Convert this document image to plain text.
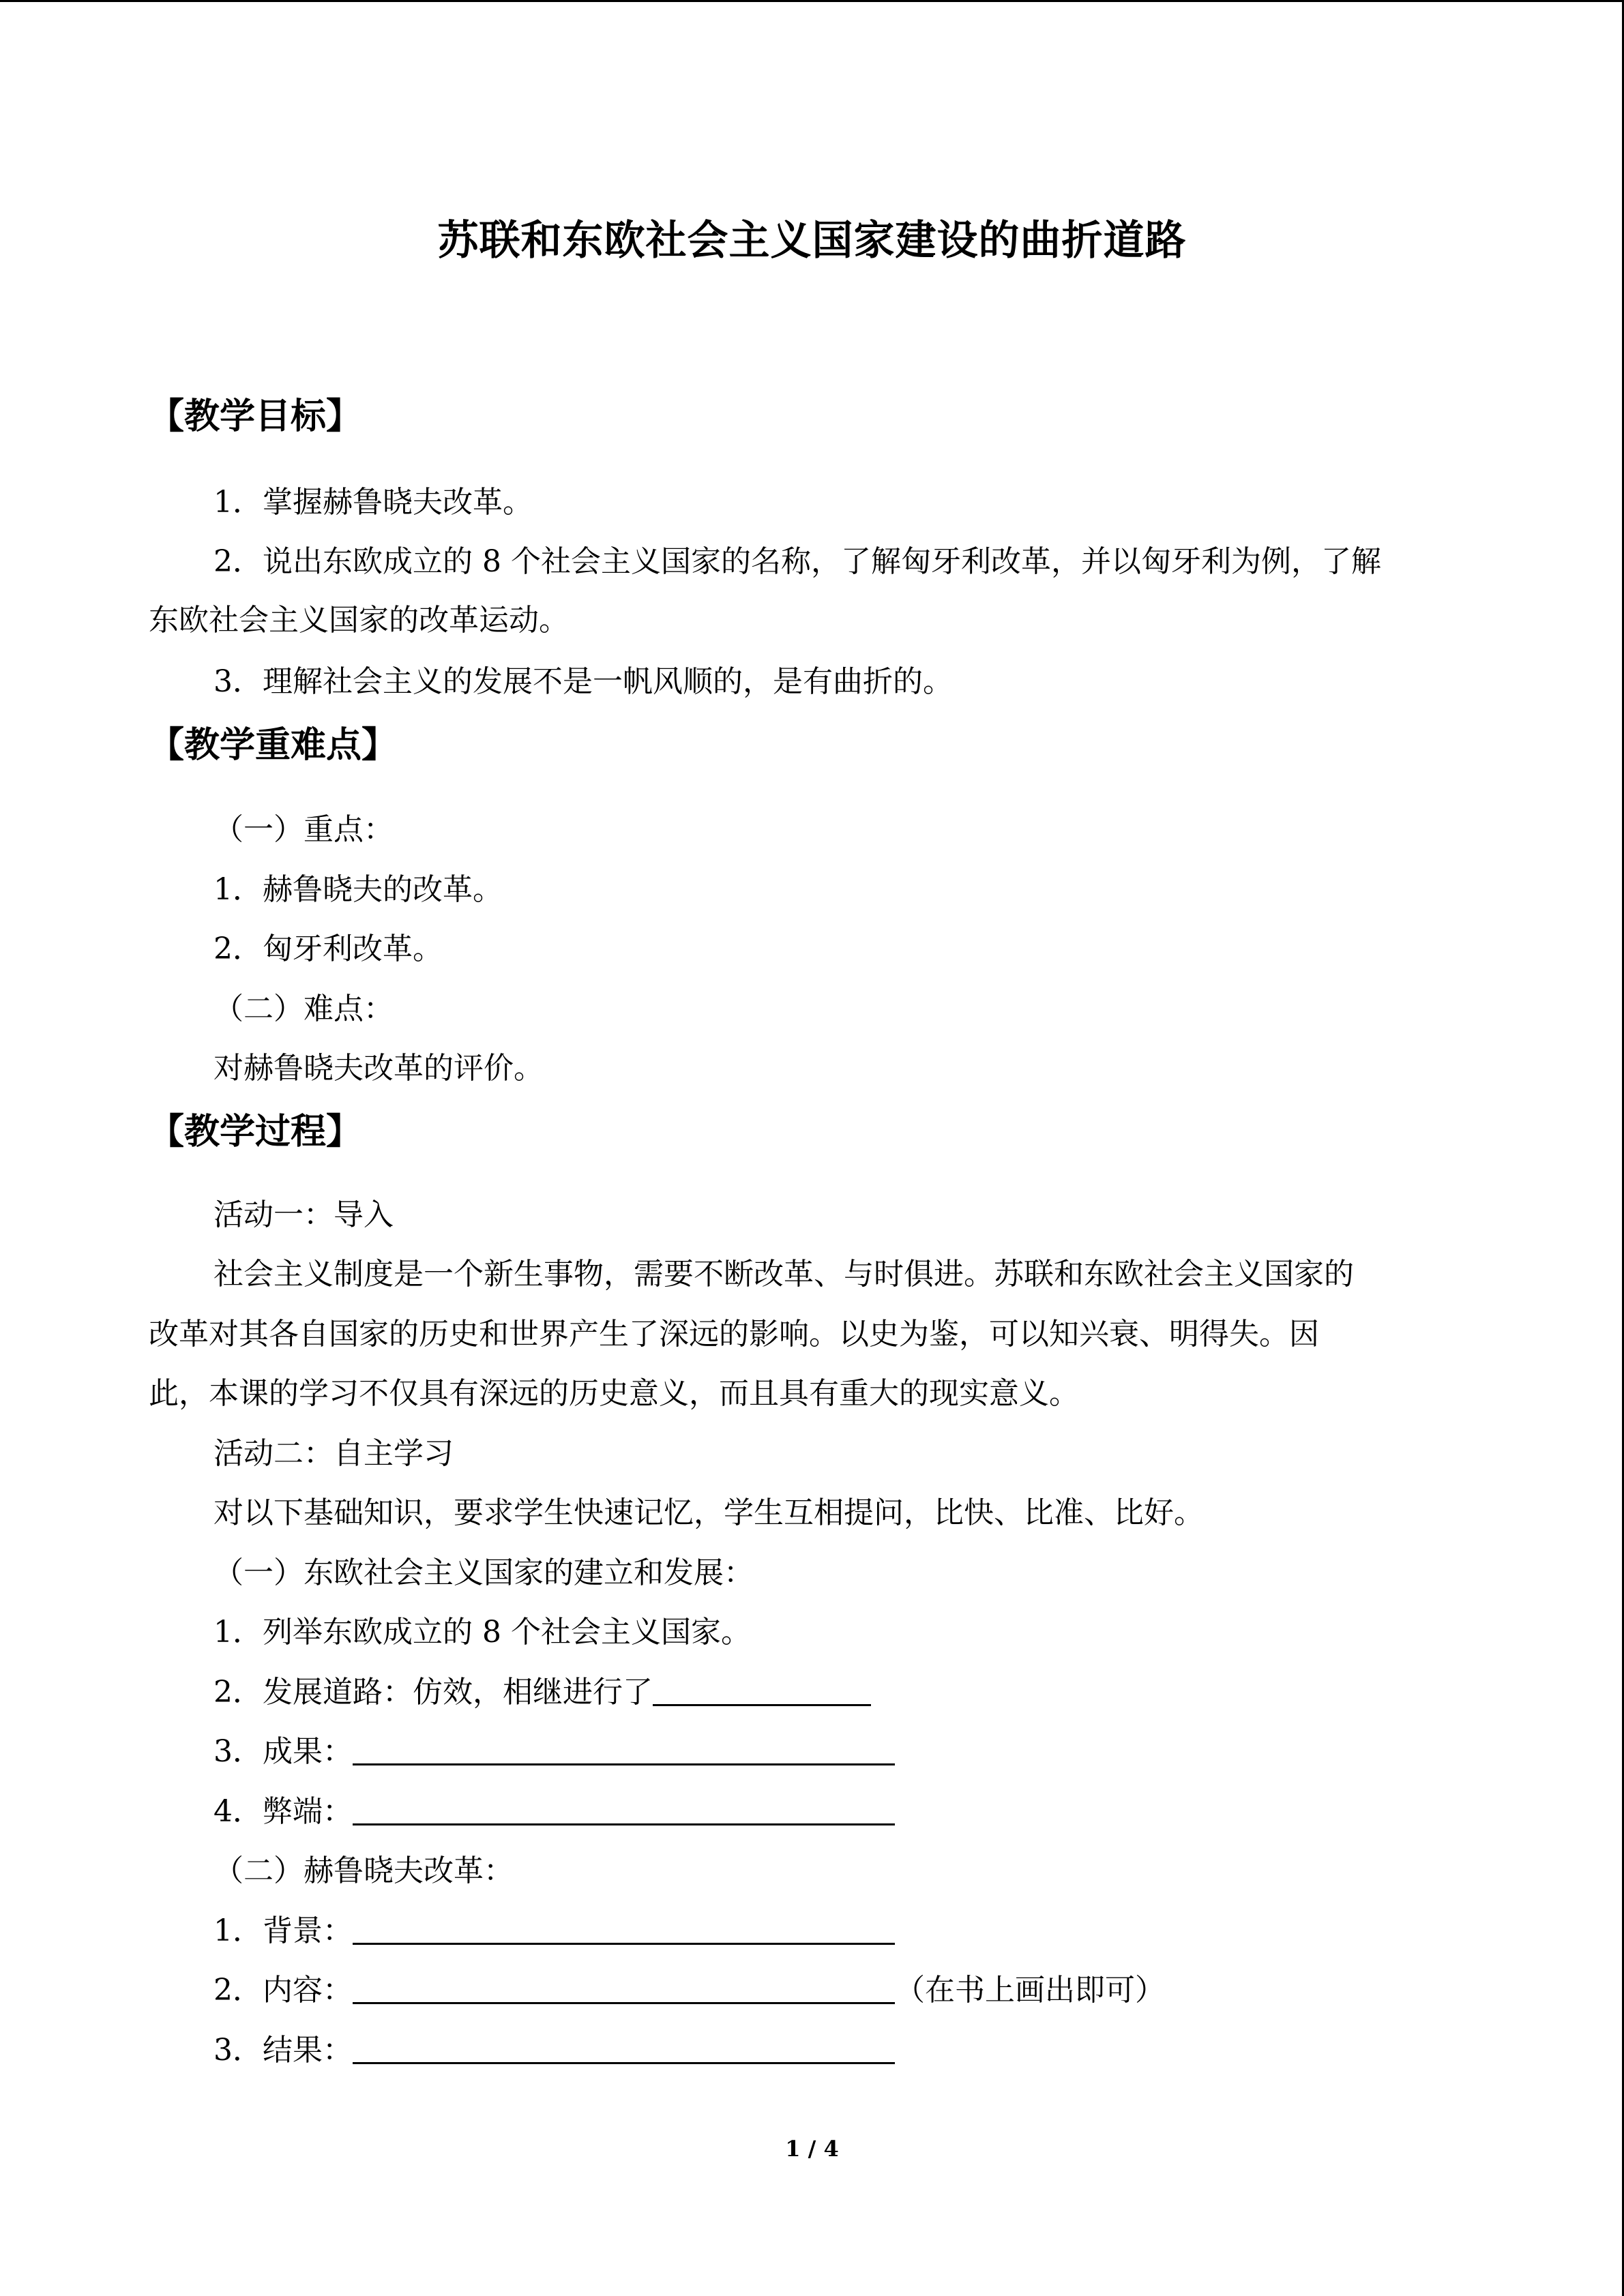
苏联和东欧社会主义国家建设的曲折道路
【教学目标】
1．掌握赫鲁晓夫改革。
2．说出东欧成立的 8 个社会主义国家的名称，了解匈牙利改革，并以匈牙利为例，了解
东欧社会主义国家的改革运动。
3．理解社会主义的发展不是一帆风顺的，是有曲折的。
【教学重难点】
（一）重点：
1．赫鲁晓夫的改革。
2．匈牙利改革。
（二）难点：
对赫鲁晓夫改革的评价。
【教学过程】
活动一：导入
社会主义制度是一个新生事物，需要不断改革、与时俱进。苏联和东欧社会主义国家的
改革对其各自国家的历史和世界产生了深远的影响。以史为鉴，可以知兴衰、明得失。因
此，本课的学习不仅具有深远的历史意义，而且具有重大的现实意义。
活动二：自主学习
对以下基础知识，要求学生快速记忆，学生互相提问，比快、比准、比好。
（一）东欧社会主义国家的建立和发展：
1．列举东欧成立的 8 个社会主义国家。
2．发展道路：仿效，相继进行了
3．成果：
4．弊端：
（二）赫鲁晓夫改革：
1．背景：
2．内容：	（在书上画出即可）
3．结果：
1 / 4
